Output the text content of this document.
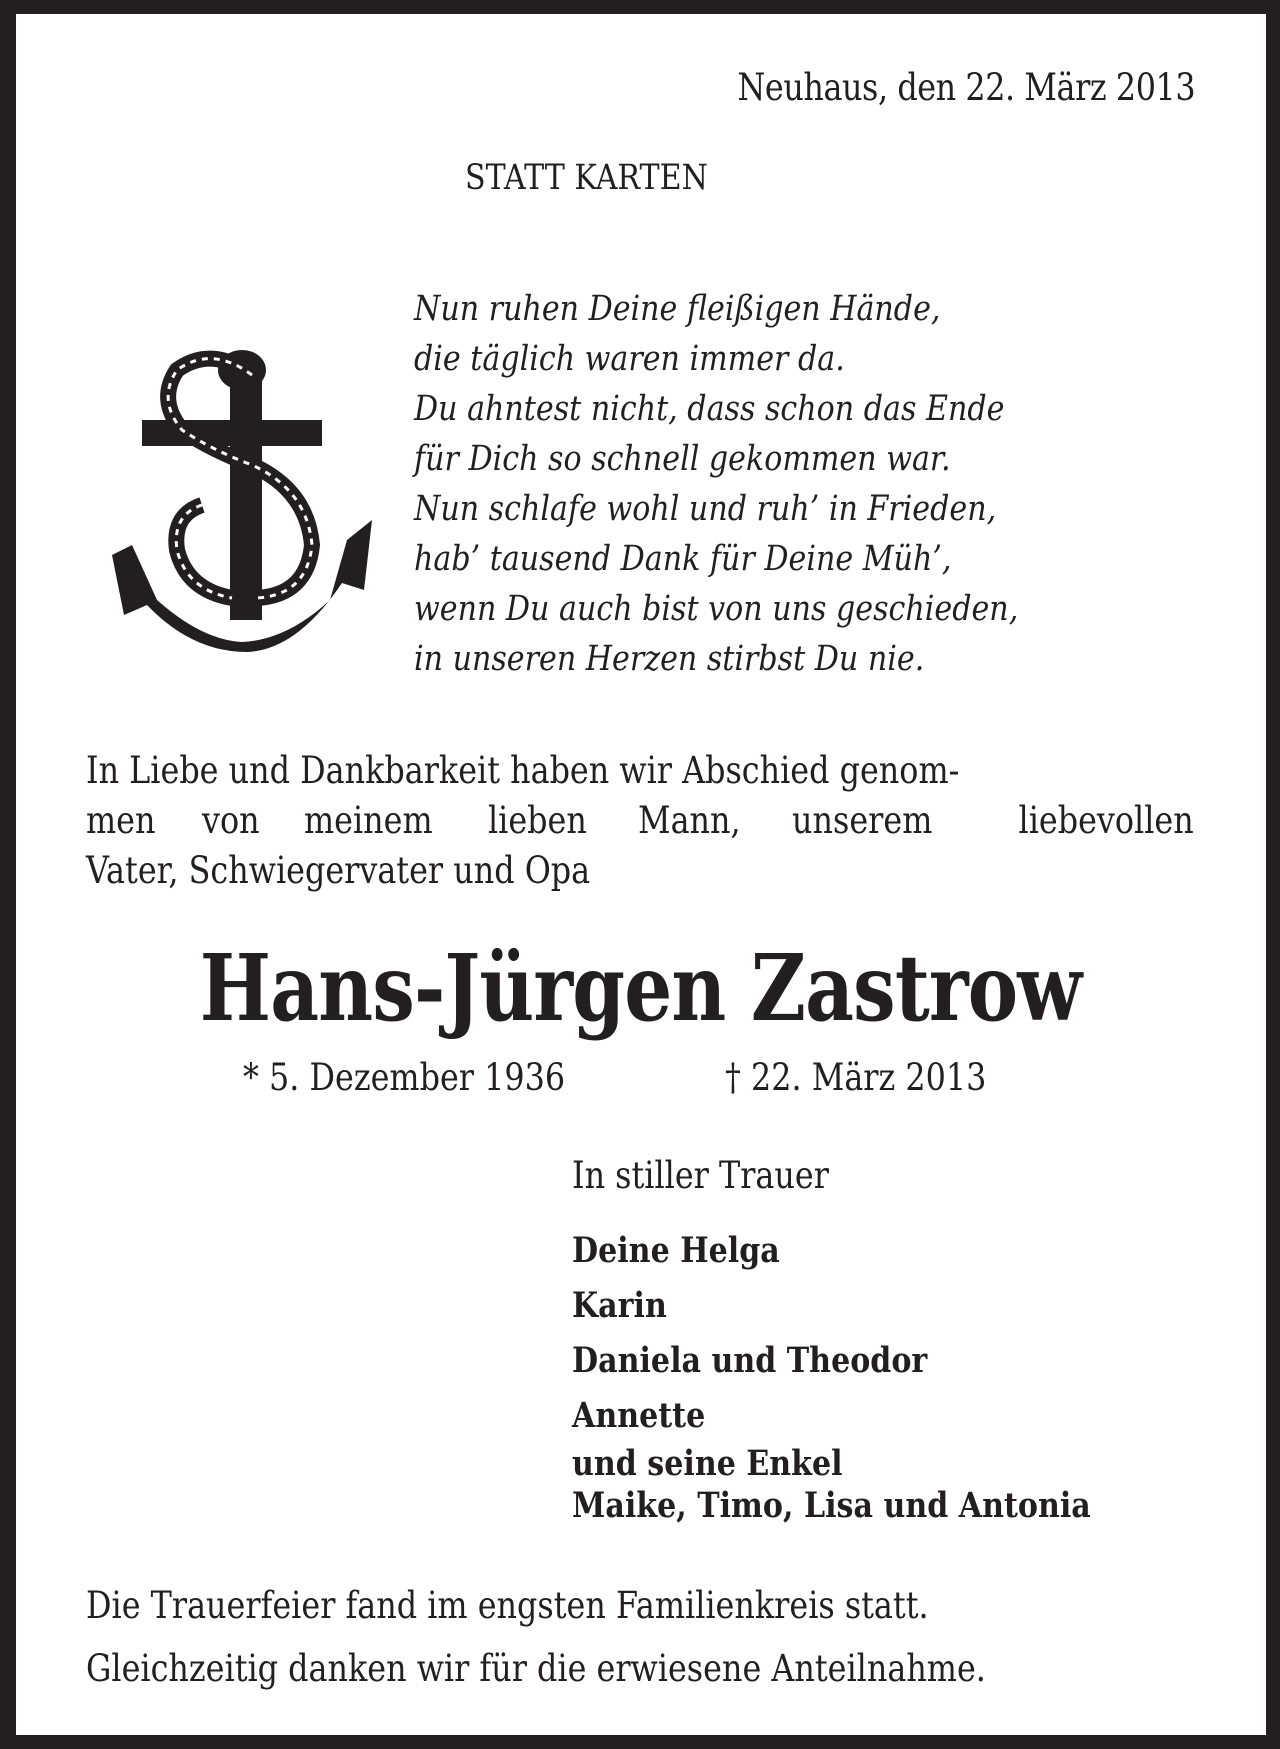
Neuhaus, den 22. März 2013
STATT KARTEN
Nun ruhen Deine fleißigen Hände,
die täglich waren immer da.
Du ahntest nicht, dass schon das Ende
für Dich so schnell gekommen war.
Nun schlafe wohl und ruh’ in Frieden,
hab’ tausend Dank für Deine Müh’,
wenn Du auch bist von uns geschieden,
in unseren Herzen stirbst Du nie.
In Liebe und Dankbarkeit haben wir Abschied genom-
men von meinem lieben Mann, unserem liebevollen
Vater, Schwiegervater und Opa
Hans-Jürgen Zastrow
* 5. Dezember 1936	† 22. März 2013
In stiller Trauer
Deine Helga
Karin
Daniela und Theodor
Annette
und seine Enkel
Maike, Timo, Lisa und Antonia
Die Trauerfeier fand im engsten Familienkreis statt.
Gleichzeitig danken wir für die erwiesene Anteilnahme.
